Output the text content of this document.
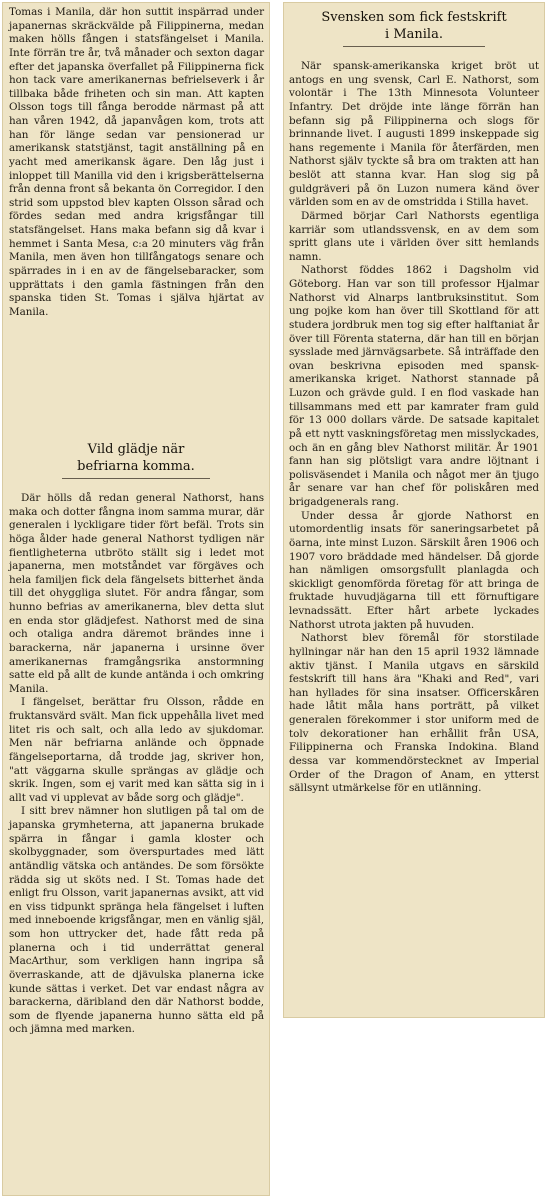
Tomas i Manila, där hon suttit inspärrad under japanernas skräckvälde på Filippinerna, medan maken hölls fången i statsfängelset i Manila. Inte förrän tre år, två månader och sexton dagar efter det japanska överfallet på Filippinerna fick hon tack vare amerikanernas befrielseverk i år tillbaka både friheten och sin man. Att kapten Olsson togs till fånga berodde närmast på att han våren 1942, då japanvågen kom, trots att han för länge sedan var pensionerad ur amerikansk statstjänst, tagit anställning på en yacht med amerikansk ägare. Den låg just i inloppet till Manilla vid den i krigsberättelserna från denna front så bekanta ön Corregidor. I den strid som uppstod blev kapten Olsson sårad och fördes sedan med andra krigsfångar till statsfängelset. Hans maka befann sig då kvar i hemmet i Santa Mesa, c:a 20 minuters väg från Manila, men även hon tillfångatogs senare och spärrades in i en av de fängelsebaracker, som upprättats i den gamla fästningen från den spanska tiden St. Tomas i själva hjärtat av Manila.

Vild glädje när befriarna komma.

Där hölls då redan general Nathorst, hans maka och dotter fångna inom samma murar, där generalen i lyckligare tider fört befäl. Trots sin höga ålder hade general Nathorst tydligen när fientligheterna utbröto ställt sig i ledet mot japanerna, men motståndet var förgäves och hela familjen fick dela fängelsets bitterhet ända till det ohyggliga slutet. För andra fångar, som hunno befrias av amerikanerna, blev detta slut en enda stor glädjefest. Nathorst med de sina och otaliga andra däremot brändes inne i barackerna, när japanerna i ursinne över amerikanernas framgångsrika anstormning satte eld på allt de kunde antända i och omkring Manila.

I fängelset, berättar fru Olsson, rådde en fruktansvärd svält. Man fick uppehålla livet med litet ris och salt, och alla ledo av sjukdomar. Men när befriarna anlände och öppnade fängelseportarna, då trodde jag, skriver hon, "att väggarna skulle sprängas av glädje och skrik. Ingen, som ej varit med kan sätta sig in i allt vad vi upplevat av både sorg och glädje".

I sitt brev nämner hon slutligen på tal om de japanska grymheterna, att japanerna brukade spärra in fångar i gamla kloster och skolbyggnader, som överspurtades med lätt antändlig vätska och antändes. De som försökte rädda sig ut sköts ned. I St. Tomas hade det enligt fru Olsson, varit japanernas avsikt, att vid en viss tidpunkt spränga hela fängelset i luften med inneboende krigsfångar, men en vänlig själ, som hon uttrycker det, hade fått reda på planerna och i tid underrättat general MacArthur, som verkligen hann ingripa så överraskande, att de djävulska planerna icke kunde sättas i verket. Det var endast några av barackerna, däribland den där Nathorst bodde, som de flyende japanerna hunno sätta eld på och jämna med marken.

Svensken som fick festskrift i Manila.

När spansk-amerikanska kriget bröt ut antogs en ung svensk, Carl E. Nathorst, som volontär i The 13th Minnesota Volunteer Infantry. Det dröjde inte länge förrän han befann sig på Filippinerna och slogs för brinnande livet. I augusti 1899 inskeppade sig hans regemente i Manila för återfärden, men Nathorst själv tyckte så bra om trakten att han beslöt att stanna kvar. Han slog sig på guldgräveri på ön Luzon numera känd över världen som en av de omstridda i Stilla havet.

Därmed börjar Carl Nathorsts egentliga karriär som utlandssvensk, en av dem som spritt glans ute i världen över sitt hemlands namn.

Nathorst föddes 1862 i Dagsholm vid Göteborg. Han var son till professor Hjalmar Nathorst vid Alnarps lantbruksinstitut. Som ung pojke kom han över till Skottland för att studera jordbruk men tog sig efter halftaniat år över till Förenta staterna, där han till en början sysslade med järnvägsarbete. Så inträffade den ovan beskrivna episoden med spansk-amerikanska kriget. Nathorst stannade på Luzon och grävde guld. I en flod vaskade han tillsammans med ett par kamrater fram guld för 13 000 dollars värde. De satsade kapitalet på ett nytt vaskningsföretag men misslyckades, och än en gång blev Nathorst militär. År 1901 fann han sig plötsligt vara andre löjtnant i polisväsendet i Manila och något mer än tjugo år senare var han chef för poliskåren med brigadgenerals rang.

Under dessa år gjorde Nathorst en utomordentlig insats för saneringsarbetet på öarna, inte minst Luzon. Särskilt åren 1906 och 1907 voro bräddade med händelser. Då gjorde han nämligen omsorgsfullt planlagda och skickligt genomförda företag för att bringa de fruktade huvudjägarna till ett förnuftigare levnadssätt. Efter hårt arbete lyckades Nathorst utrota jakten på huvuden.

Nathorst blev föremål för storstilade hyllningar när han den 15 april 1932 lämnade aktiv tjänst. I Manila utgavs en särskild festskrift till hans ära "Khaki and Red", vari han hyllades för sina insatser. Officerskåren hade låtit måla hans porträtt, på vilket generalen förekommer i stor uniform med de tolv dekorationer han erhållit från USA, Filippinerna och Franska Indokina. Bland dessa var kommendörstecknet av Imperial Order of the Dragon of Anam, en ytterst sällsynt utmärkelse för en utlänning.
